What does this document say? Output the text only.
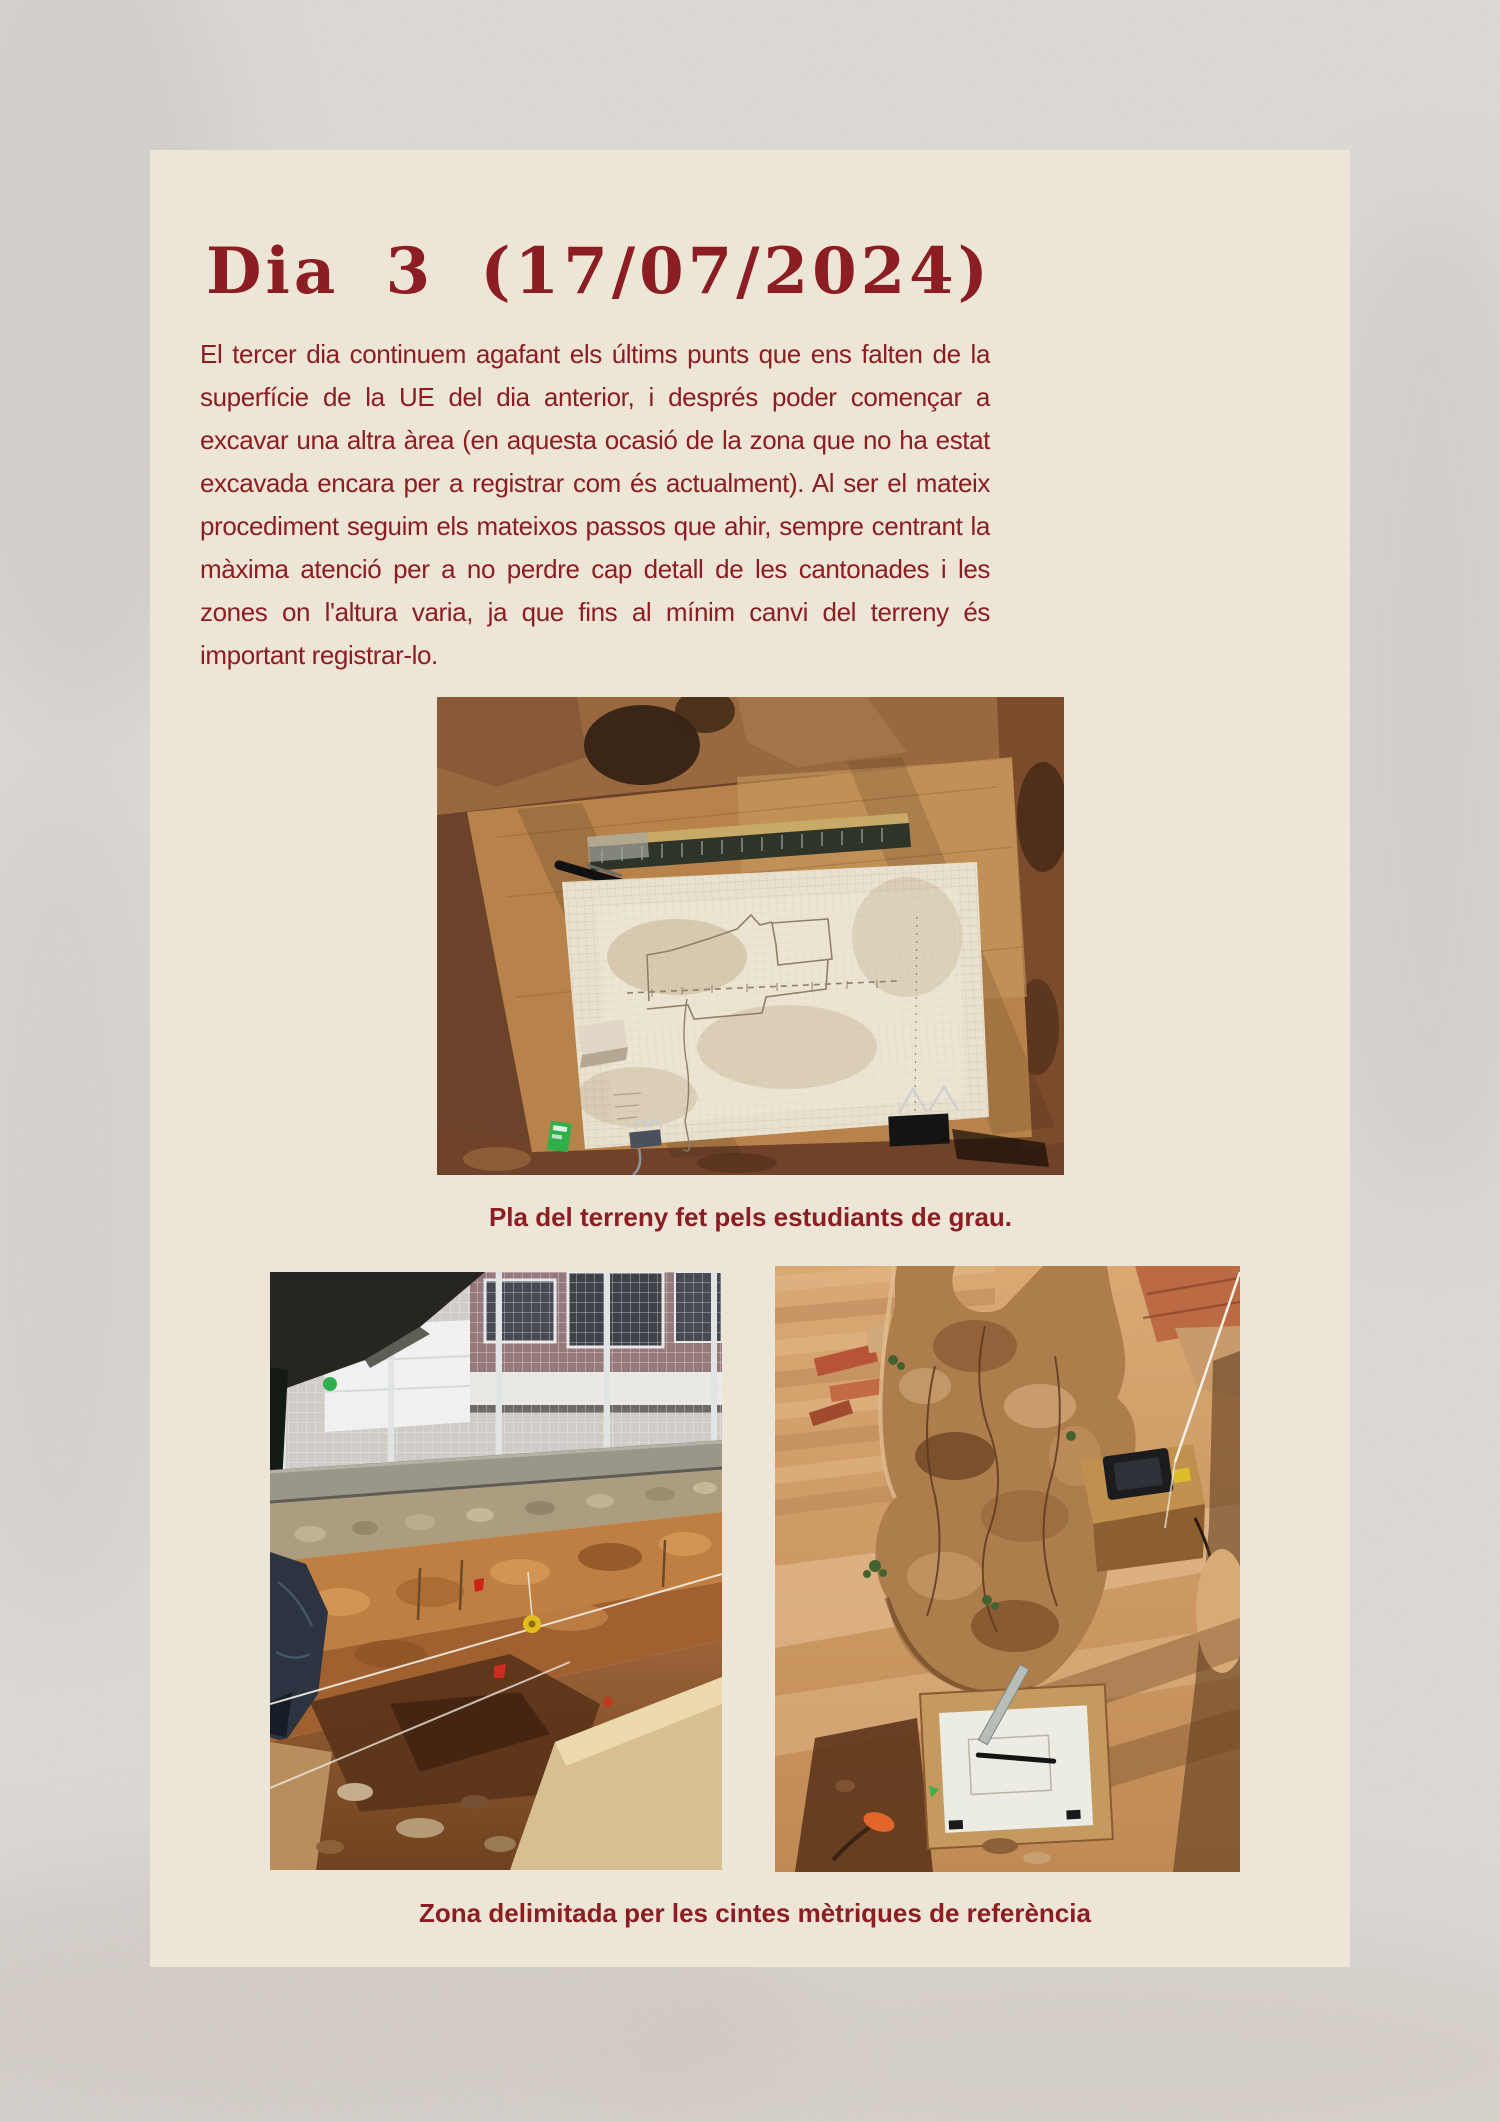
Dia 3 (17/07/2024)

El tercer dia continuem agafant els últims punts que ens falten de la superfície de la UE del dia anterior, i després poder començar a excavar una altra àrea (en aquesta ocasió de la zona que no ha estat excavada encara per a registrar com és actualment). Al ser el mateix procediment seguim els mateixos passos que ahir, sempre centrant la màxima atenció per a no perdre cap detall de les cantonades i les zones on l'altura varia, ja que fins al mínim canvi del terreny és important registrar-lo.

Pla del terreny fet pels estudiants de grau.
Zona delimitada per les cintes mètriques de referència
